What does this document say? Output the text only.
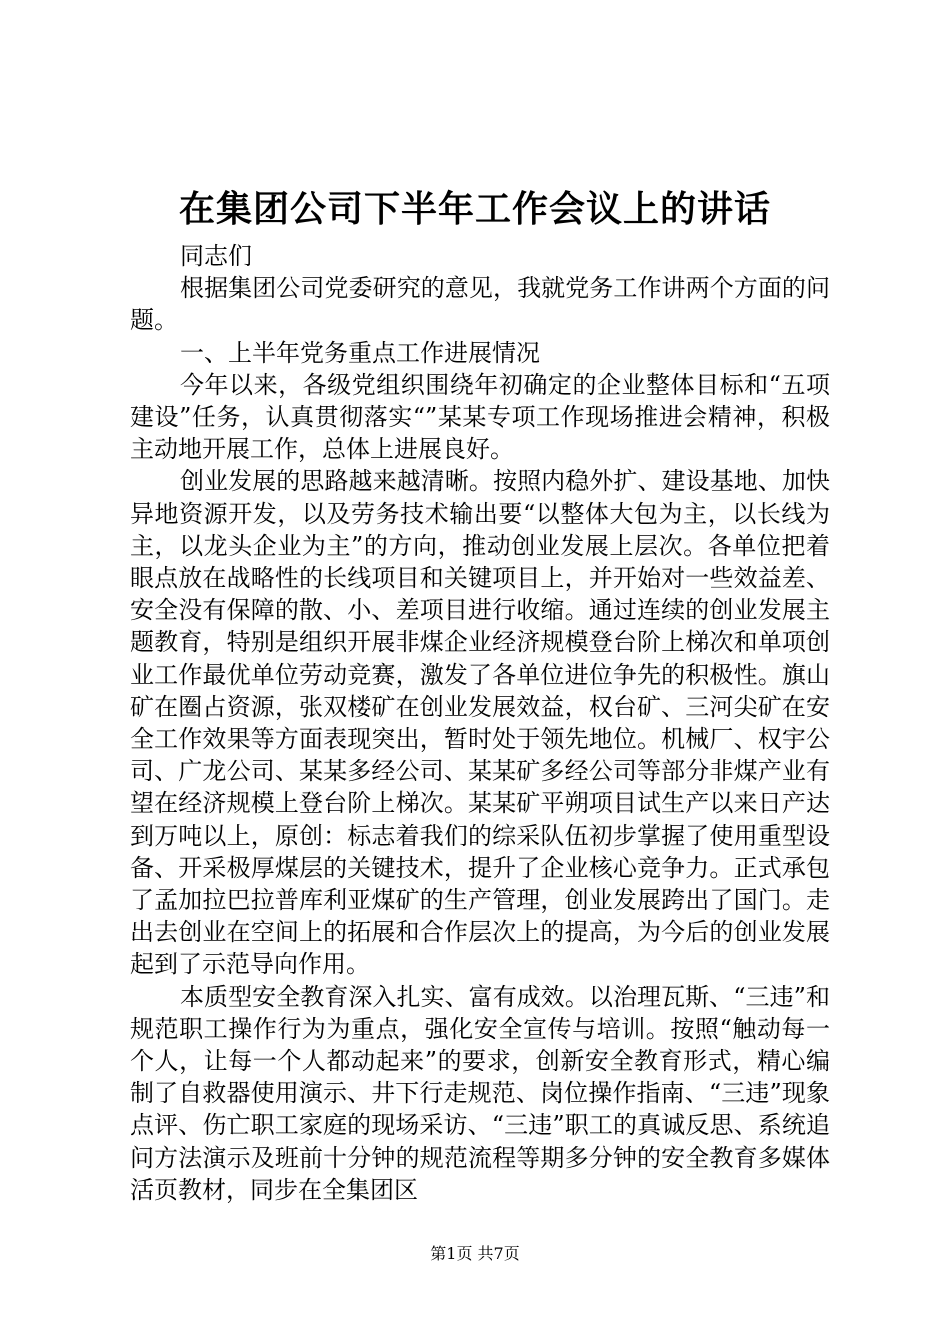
在集团公司下半年工作会议上的讲话

同志们

根据集团公司党委研究的意见，我就党务工作讲两个方面的问题。

一、上半年党务重点工作进展情况

今年以来，各级党组织围绕年初确定的企业整体目标和“五项建设”任务，认真贯彻落实“”某某专项工作现场推进会精神，积极主动地开展工作，总体上进展良好。

创业发展的思路越来越清晰。按照内稳外扩、建设基地、加快异地资源开发，以及劳务技术输出要“以整体大包为主，以长线为主，以龙头企业为主”的方向，推动创业发展上层次。各单位把着眼点放在战略性的长线项目和关键项目上，并开始对一些效益差、安全没有保障的散、小、差项目进行收缩。通过连续的创业发展主题教育，特别是组织开展非煤企业经济规模登台阶上梯次和单项创业工作最优单位劳动竞赛，激发了各单位进位争先的积极性。旗山矿在圈占资源，张双楼矿在创业发展效益，权台矿、三河尖矿在安全工作效果等方面表现突出，暂时处于领先地位。机械厂、权宇公司、广龙公司、某某多经公司、某某矿多经公司等部分非煤产业有望在经济规模上登台阶上梯次。某某矿平朔项目试生产以来日产达到万吨以上，原创：标志着我们的综采队伍初步掌握了使用重型设备、开采极厚煤层的关键技术，提升了企业核心竞争力。正式承包了孟加拉巴拉普库利亚煤矿的生产管理，创业发展跨出了国门。走出去创业在空间上的拓展和合作层次上的提高，为今后的创业发展起到了示范导向作用。

本质型安全教育深入扎实、富有成效。以治理瓦斯、“三违”和规范职工操作行为为重点，强化安全宣传与培训。按照“触动每一个人，让每一个人都动起来”的要求，创新安全教育形式，精心编制了自救器使用演示、井下行走规范、岗位操作指南、“三违”现象点评、伤亡职工家庭的现场采访、“三违”职工的真诚反思、系统追问方法演示及班前十分钟的规范流程等期多分钟的安全教育多媒体活页教材，同步在全集团区

第1页 共7页
